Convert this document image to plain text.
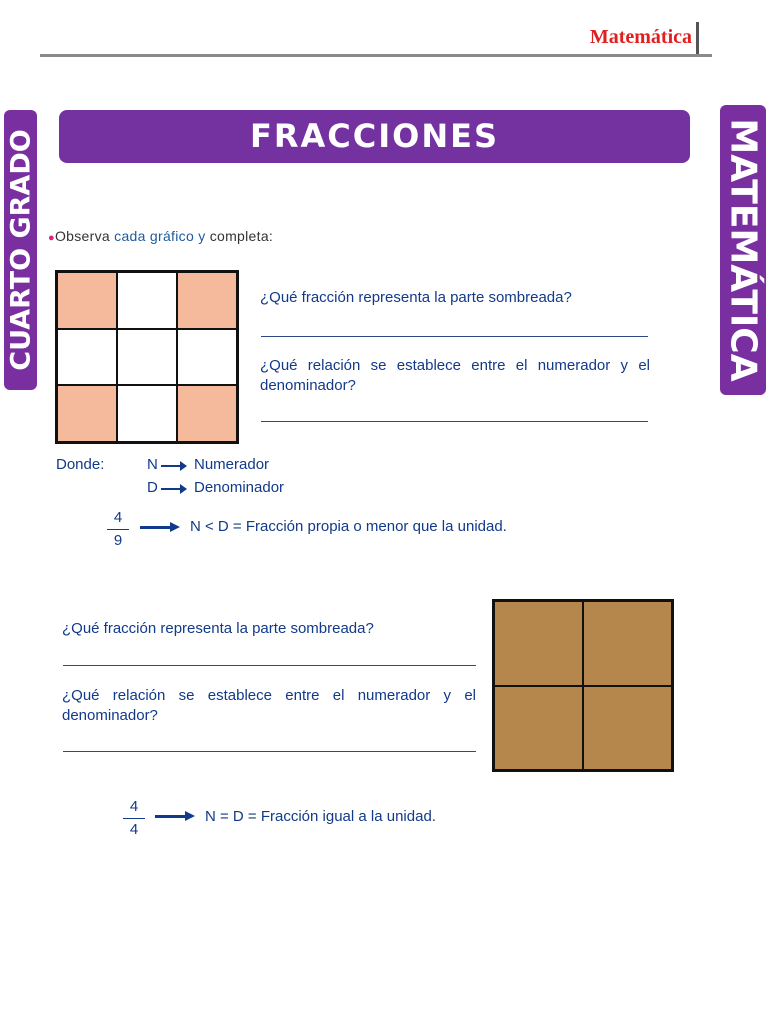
Matemática
CUARTO GRADO	MATEMÁTICA
FRACCIONES
●Observa cada gráfico y completa:
¿Qué fracción representa la parte sombreada?
¿Qué relación se establece entre el numerador y el denominador?
Donde:	N Numerador
D Denominador
4
9
N < D = Fracción propia o menor que la unidad.
¿Qué fracción representa la parte sombreada?
¿Qué relación se establece entre el numerador y el denominador?
4
4
N = D = Fracción igual a la unidad.
